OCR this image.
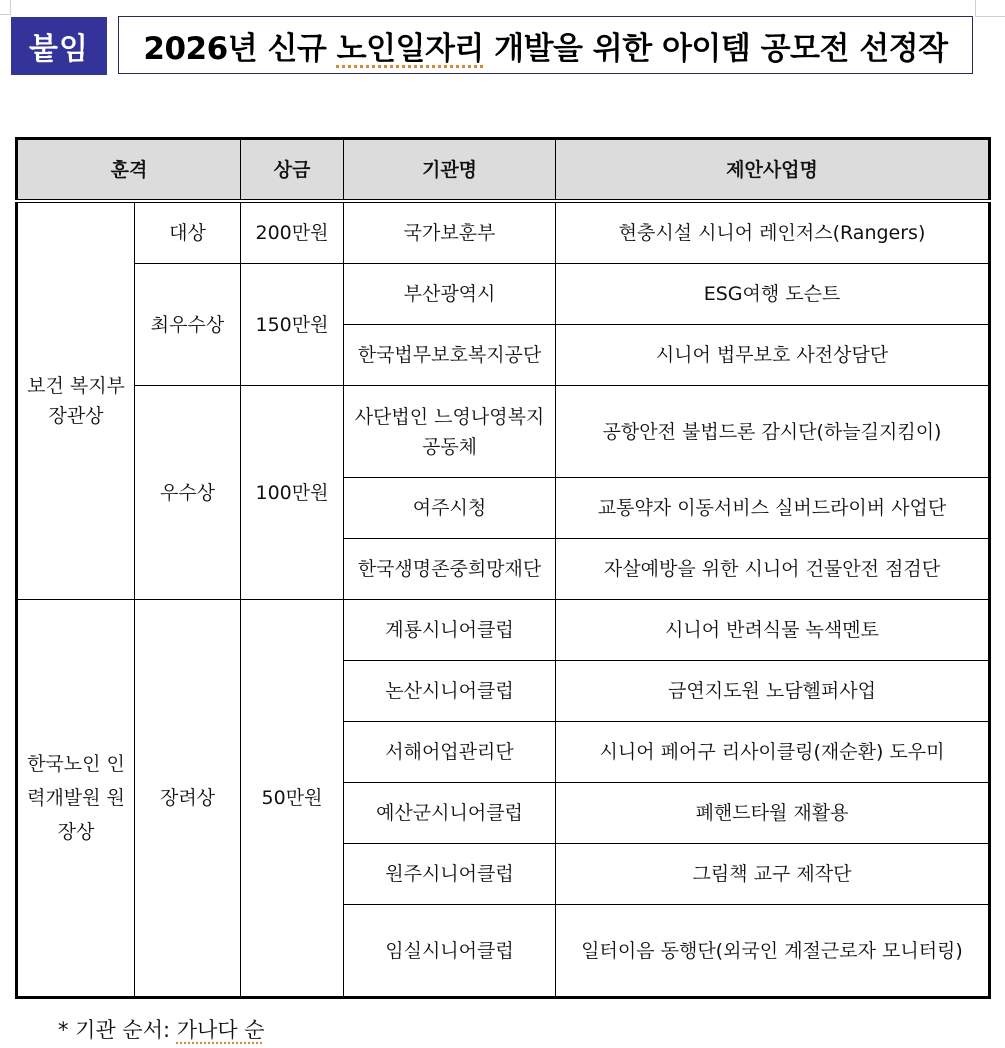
붙임	2026년 신규 노인일자리 개발을 위한 아이템 공모전 선정작
훈격		상금	기관명	제안사업명
보건 복지부 장관상	대상	200만원	국가보훈부	현충시설 시니어 레인저스(Rangers)
	최우수상	150만원	부산광역시	ESG여행 도슨트
			한국법무보호복지공단	시니어 법무보호 사전상담단
	우수상	100만원	사단법인 느영나영복지공동체	공항안전 불법드론 감시단(하늘길지킴이)
			여주시청	교통약자 이동서비스 실버드라이버 사업단
			한국생명존중희망재단	자살예방을 위한 시니어 건물안전 점검단
한국노인 인력개발원 원장상	장려상	50만원	계룡시니어클럽	시니어 반려식물 녹색멘토
			논산시니어클럽	금연지도원 노담헬퍼사업
			서해어업관리단	시니어 페어구 리사이클링(재순환) 도우미
			예산군시니어클럽	폐핸드타월 재활용
			원주시니어클럽	그림책 교구 제작단
			임실시니어클럽	일터이음 동행단(외국인 계절근로자 모니터링)
* 기관 순서: 가나다 순
